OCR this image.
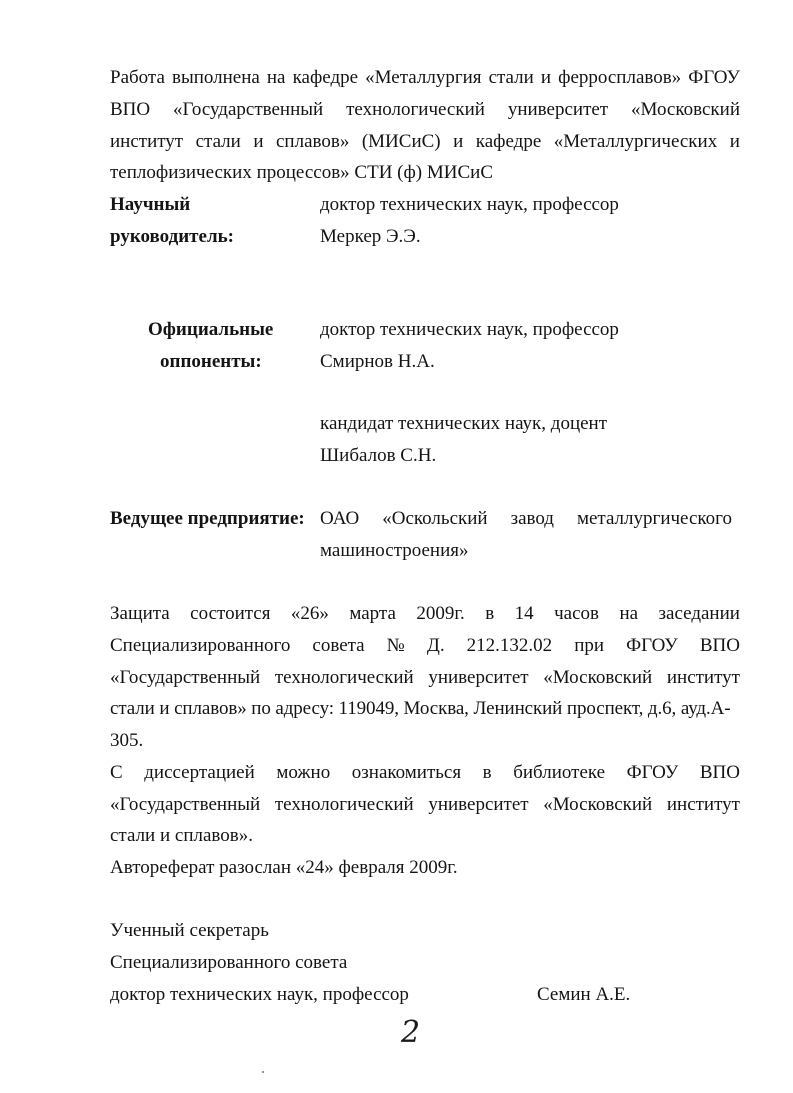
Работа выполнена на кафедре «Металлургия стали и ферросплавов» ФГОУ
ВПО «Государственный технологический университет «Московский
институт стали и сплавов» (МИСиС) и кафедре «Металлургических и
теплофизических процессов» СТИ (ф) МИСиС
Научный
руководитель:
доктор технических наук, профессор
Меркер Э.Э.
Официальные
оппоненты:
доктор технических наук, профессор
Смирнов Н.А.
кандидат технических наук, доцент
Шибалов С.Н.
Ведущее предприятие: ОАО «Оскольский завод металлургического
машиностроения»
Защита состоится «26» марта 2009г. в 14 часов на заседании
Специализированного совета № Д. 212.132.02 при ФГОУ ВПО
«Государственный технологический университет «Московский институт
стали и сплавов» по адресу: 119049, Москва, Ленинский проспект, д.6, ауд.А-
305.
С диссертацией можно ознакомиться в библиотеке ФГОУ ВПО
«Государственный технологический университет «Московский институт
стали и сплавов».
Автореферат разослан «24» февраля 2009г.
Ученный секретарь
Специализированного совета
доктор технических наук, профессор	Семин А.Е.
2
